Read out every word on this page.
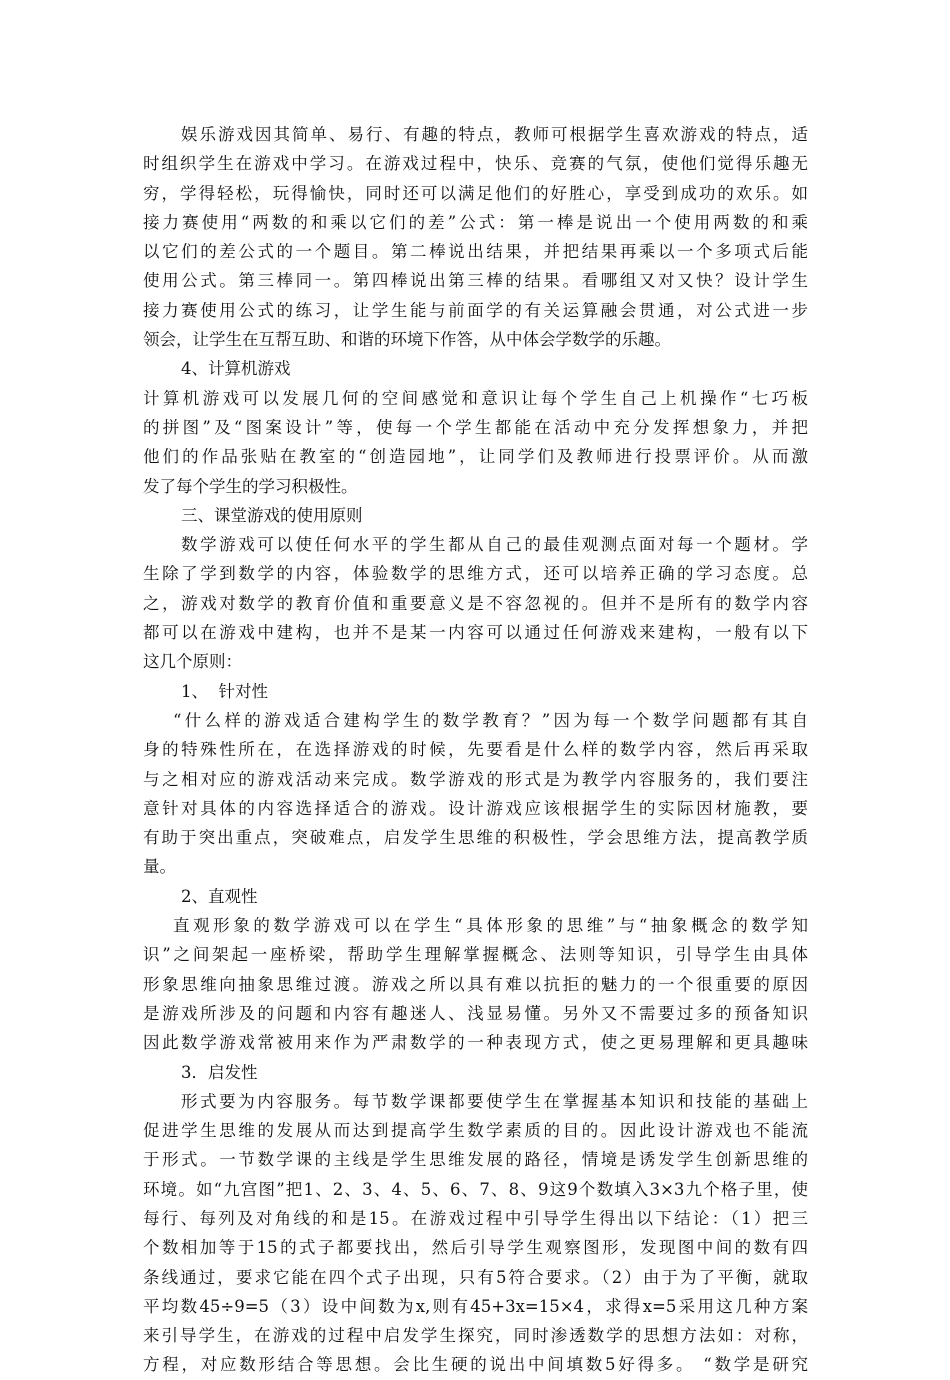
娱乐游戏因其简单、易行、有趣的特点，教师可根据学生喜欢游戏的特点，适
时组织学生在游戏中学习。在游戏过程中，快乐、竞赛的气氛，使他们觉得乐趣无
穷，学得轻松，玩得愉快，同时还可以满足他们的好胜心，享受到成功的欢乐。如
接力赛使用“两数的和乘以它们的差”公式：第一棒是说出一个使用两数的和乘
以它们的差公式的一个题目。第二棒说出结果，并把结果再乘以一个多项式后能
使用公式。第三棒同一。第四棒说出第三棒的结果。看哪组又对又快？设计学生
接力赛使用公式的练习，让学生能与前面学的有关运算融会贯通，对公式进一步
领会，让学生在互帮互助、和谐的环境下作答，从中体会学数学的乐趣。
4、计算机游戏
计算机游戏可以发展几何的空间感觉和意识让每个学生自己上机操作“七巧板
的拼图”及“图案设计”等，使每一个学生都能在活动中充分发挥想象力，并把
他们的作品张贴在教室的“创造园地”，让同学们及教师进行投票评价。从而激
发了每个学生的学习积极性。
三、课堂游戏的使用原则
数学游戏可以使任何水平的学生都从自己的最佳观测点面对每一个题材。学
生除了学到数学的内容，体验数学的思维方式，还可以培养正确的学习态度。总
之，游戏对数学的教育价值和重要意义是不容忽视的。但并不是所有的数学内容
都可以在游戏中建构，也并不是某一内容可以通过任何游戏来建构，一般有以下
这几个原则：
1、  针对性
“什么样的游戏适合建构学生的数学教育？”因为每一个数学问题都有其自
身的特殊性所在，在选择游戏的时候，先要看是什么样的数学内容，然后再采取
与之相对应的游戏活动来完成。数学游戏的形式是为教学内容服务的，我们要注
意针对具体的内容选择适合的游戏。设计游戏应该根据学生的实际因材施教，要
有助于突出重点，突破难点，启发学生思维的积极性，学会思维方法，提高教学质
量。
2、直观性
直观形象的数学游戏可以在学生“具体形象的思维”与“抽象概念的数学知
识”之间架起一座桥梁，帮助学生理解掌握概念、法则等知识，引导学生由具体
形象思维向抽象思维过渡。游戏之所以具有难以抗拒的魅力的一个很重要的原因
是游戏所涉及的问题和内容有趣迷人、浅显易懂。另外又不需要过多的预备知识
因此数学游戏常被用来作为严肃数学的一种表现方式，使之更易理解和更具趣味
3．启发性
形式要为内容服务。每节数学课都要使学生在掌握基本知识和技能的基础上
促进学生思维的发展从而达到提高学生数学素质的目的。因此设计游戏也不能流
于形式。一节数学课的主线是学生思维发展的路径，情境是诱发学生创新思维的
环境。如“九宫图”把1、2、3、4、5、6、7、8、9这9个数填入3×3九个格子里，使
每行、每列及对角线的和是15。在游戏过程中引导学生得出以下结论：（1）把三
个数相加等于15的式子都要找出，然后引导学生观察图形，发现图中间的数有四
条线通过，要求它能在四个式子出现，只有5符合要求。（2）由于为了平衡，就取
平均数45÷9=5（3）设中间数为x,则有45+3x=15×4，求得x=5采用这几种方案
来引导学生，在游戏的过程中启发学生探究，同时渗透数学的思想方法如：对称，
方程，对应数形结合等思想。会比生硬的说出中间填数5好得多。 “数学是研究
